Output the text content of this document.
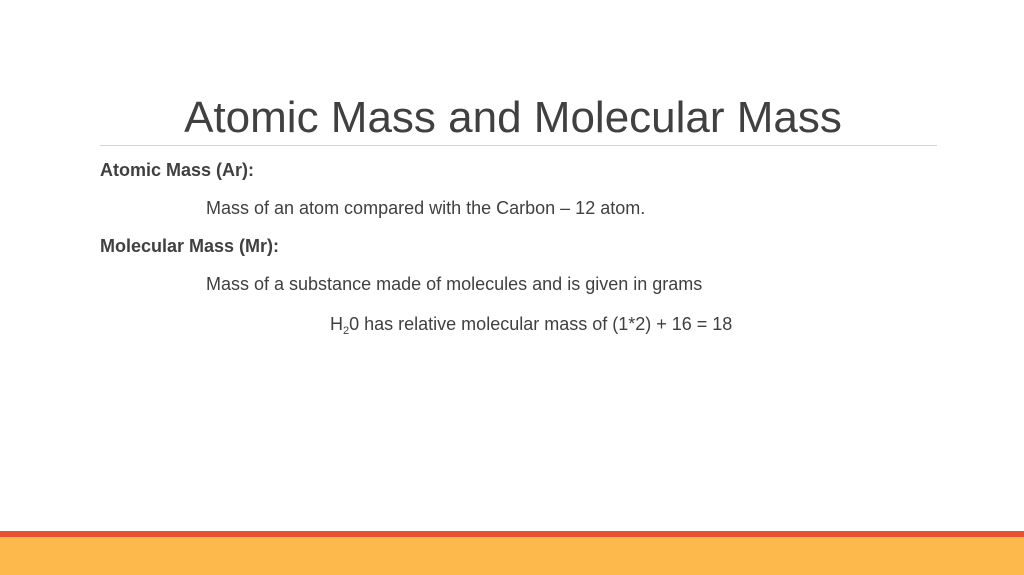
Atomic Mass and Molecular Mass
Atomic Mass (Ar):
Mass of an atom compared with the Carbon – 12 atom.
Molecular Mass (Mr):
Mass of a substance made of molecules and is given in grams
$H_20$ has relative molecular mass of (1*2) + 16 = 18
